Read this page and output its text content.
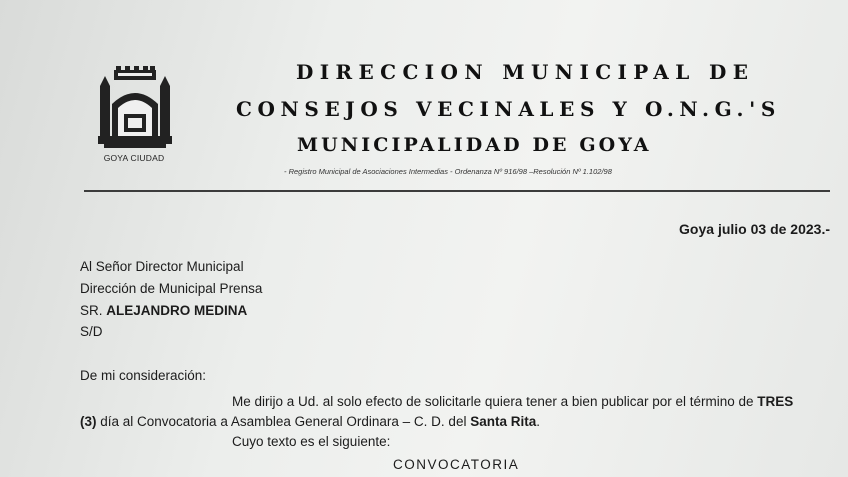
GOYA CIUDAD
DIRECCION MUNICIPAL DE
CONSEJOS VECINALES Y O.N.G.'S
MUNICIPALIDAD DE GOYA
- Registro Municipal de Asociaciones Intermedias - Ordenanza Nº 916/98 –Resolución Nº 1.102/98
Goya julio 03 de 2023.-
Al Señor Director Municipal
Dirección de Municipal Prensa
SR. ALEJANDRO MEDINA
S/D
De mi consideración:
Me dirijo a Ud. al solo efecto de solicitarle quiera tener a bien publicar por el término de TRES
(3) día al Convocatoria a Asamblea General Ordinara – C. D. del Santa Rita.
Cuyo texto es el siguiente:
CONVOCATORIA
